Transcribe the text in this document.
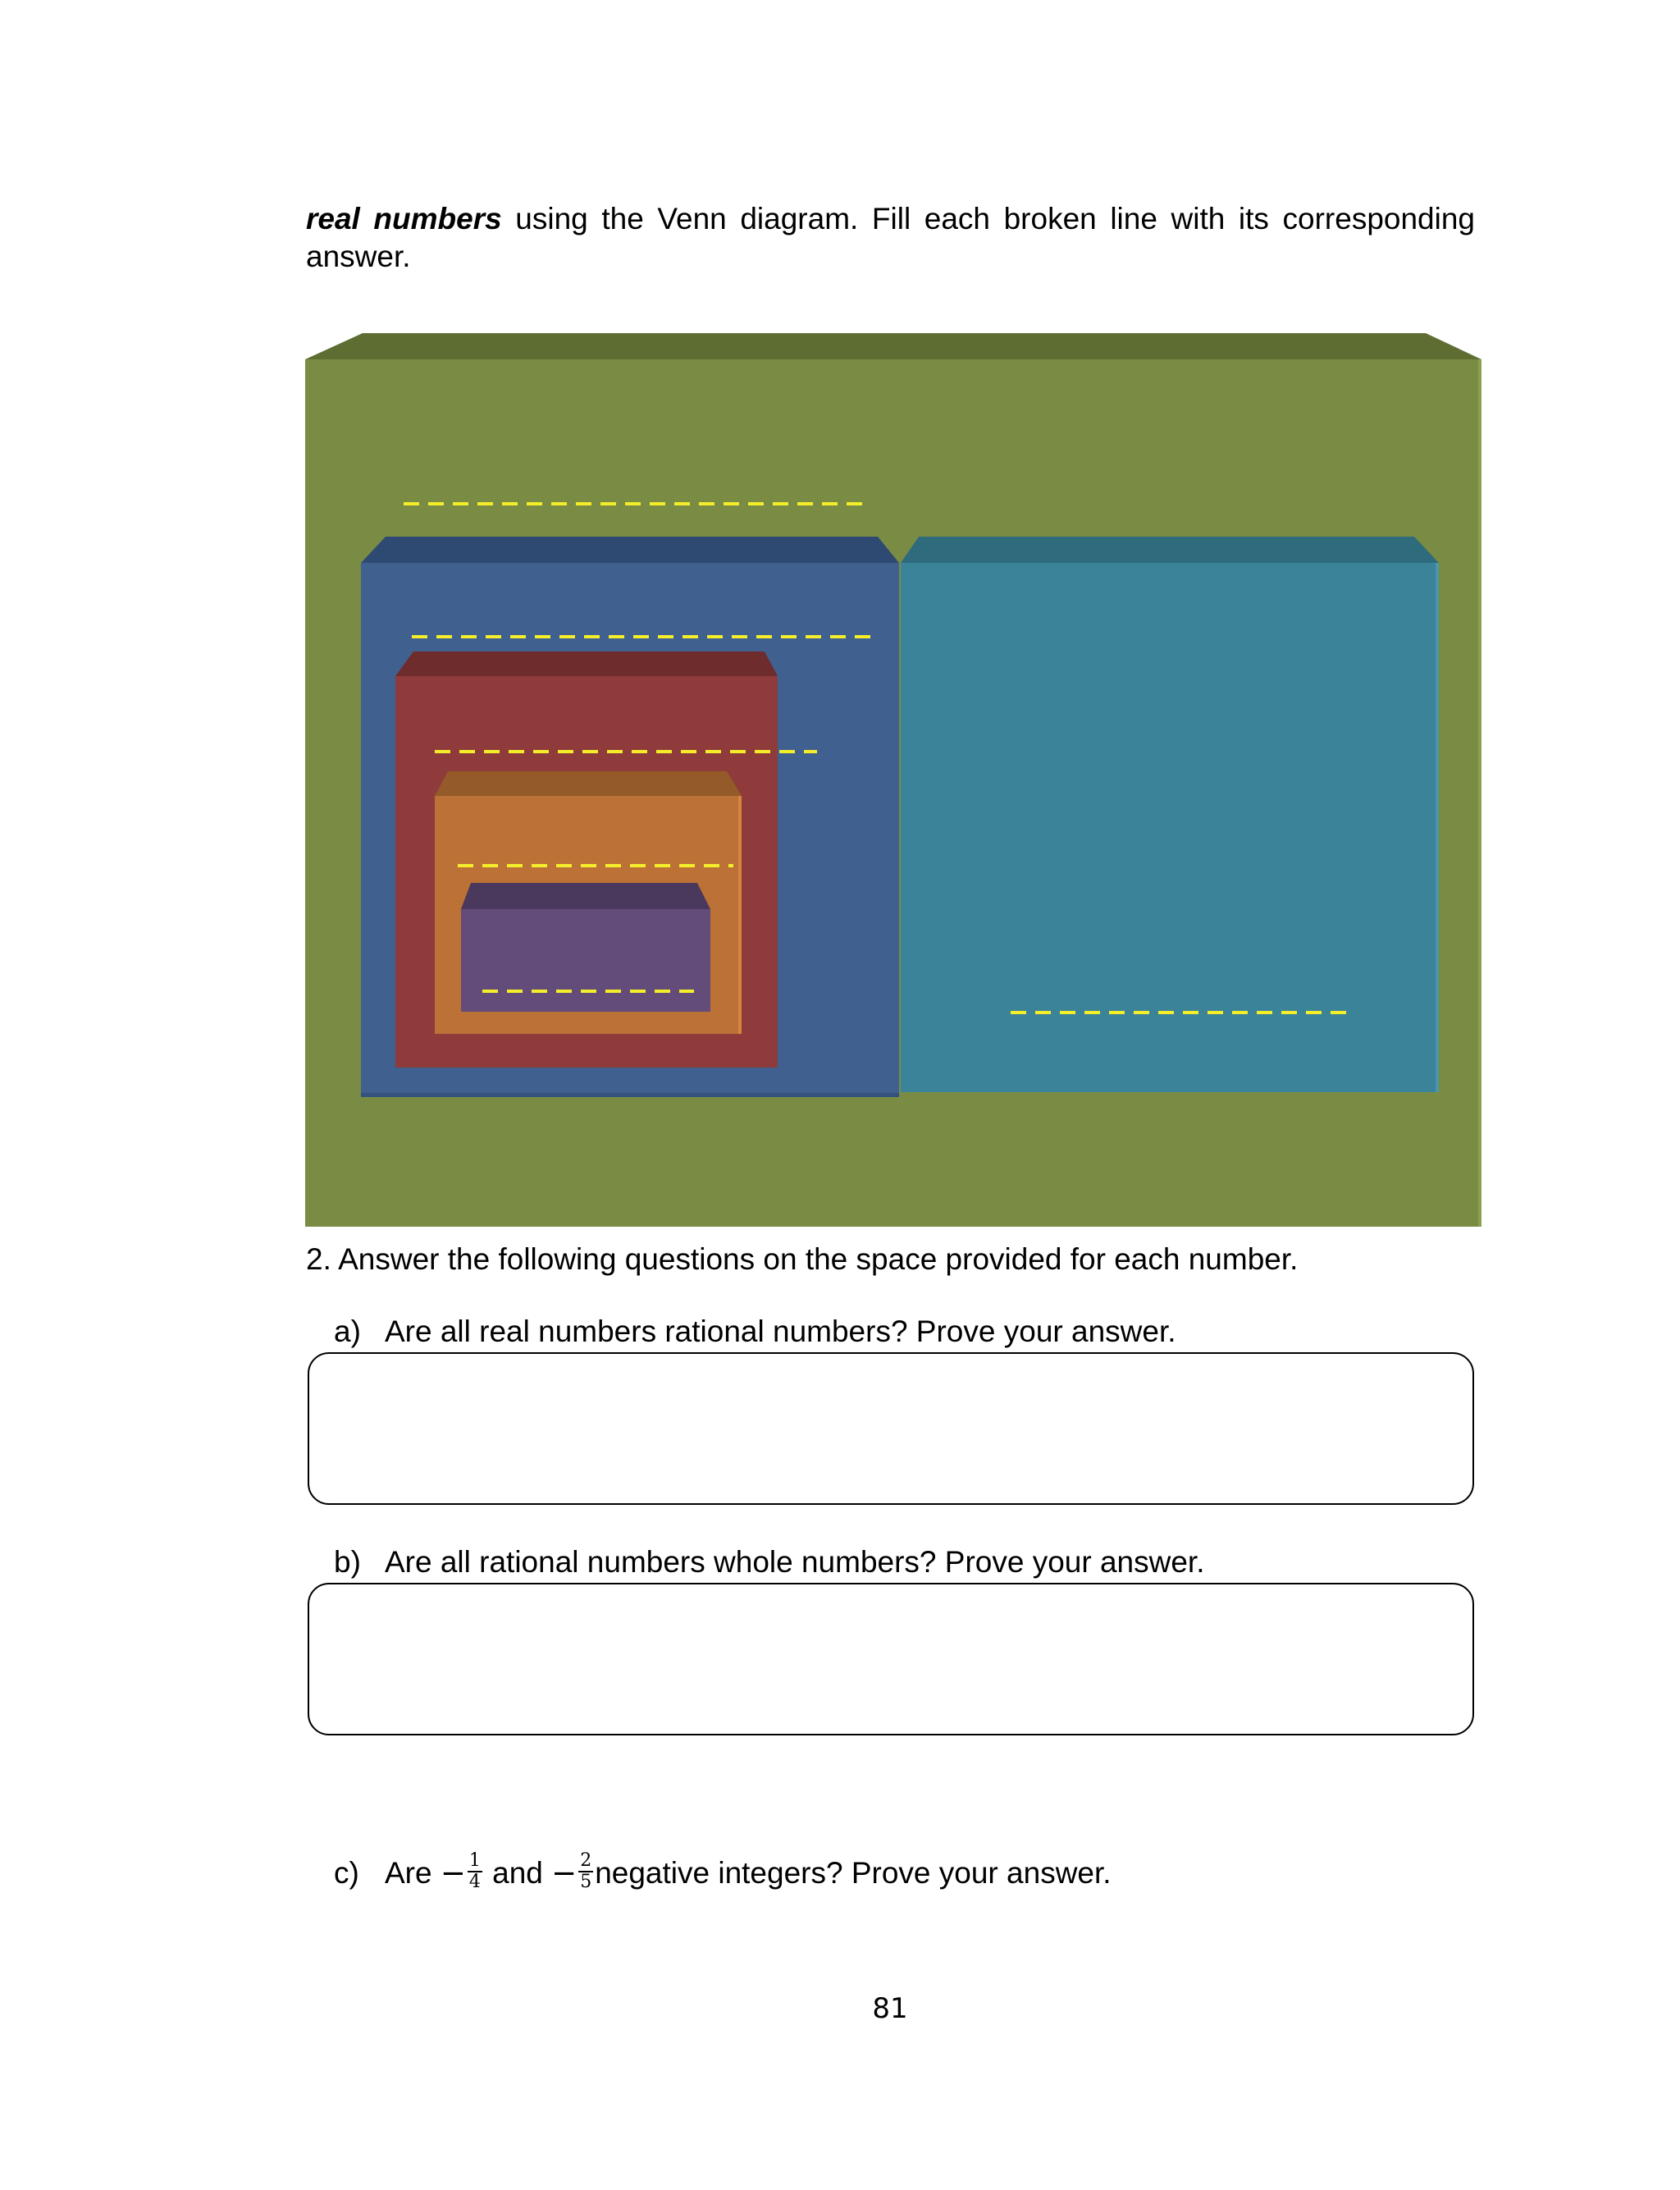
real numbers using the Venn diagram. Fill each broken line with its corresponding answer.
2. Answer the following questions on the space provided for each number.
a) Are all real numbers rational numbers? Prove your answer.
b) Are all rational numbers whole numbers? Prove your answer.
c) Are − $\frac{1}{4}$ and − $\frac{2}{5}$ negative integers? Prove your answer.
81
